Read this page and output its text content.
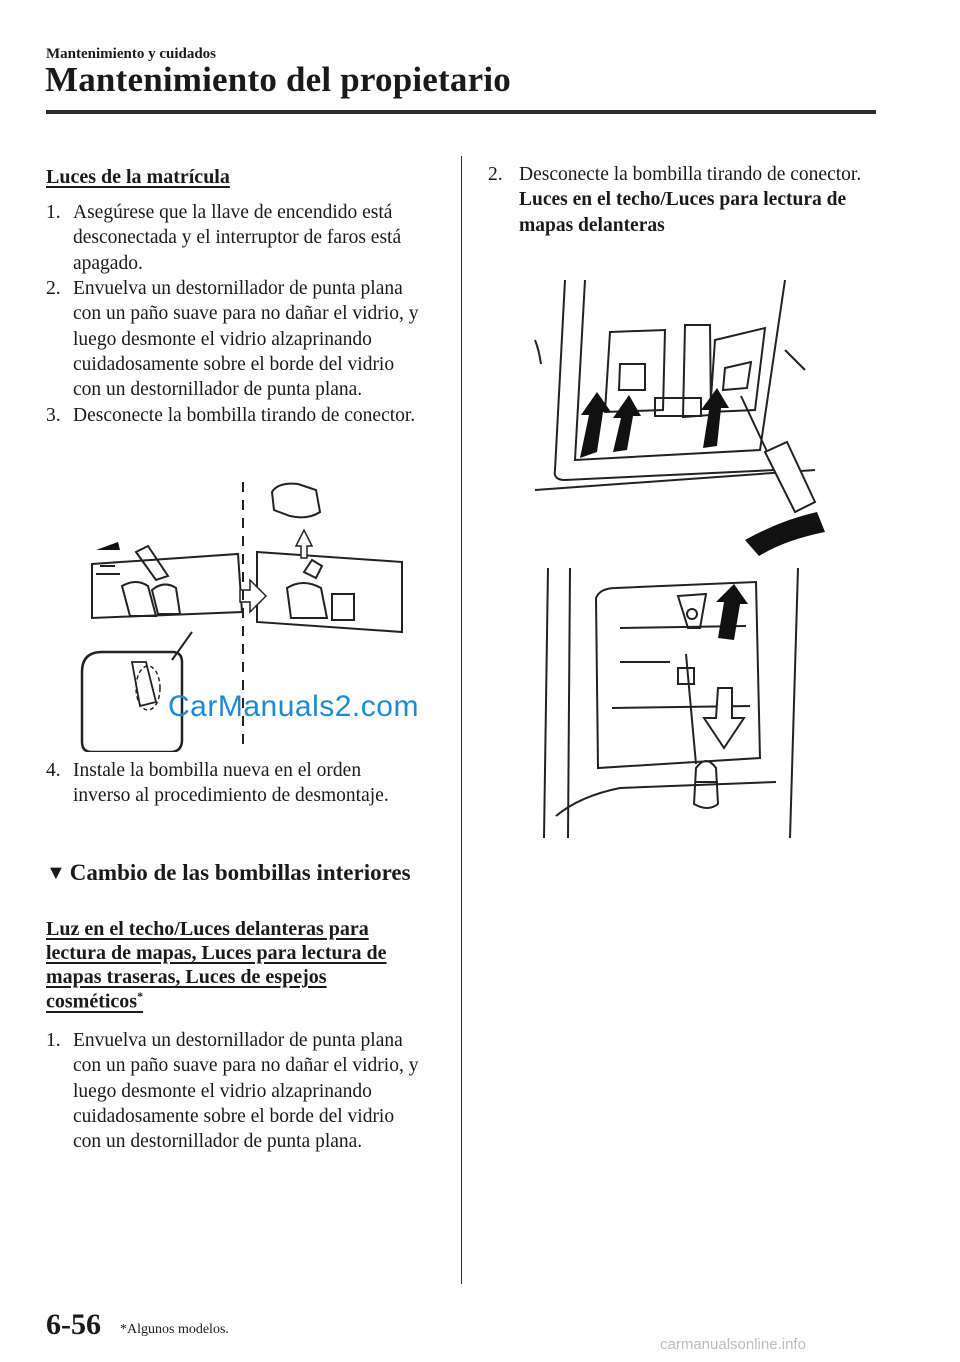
Mantenimiento y cuidados
Mantenimiento del propietario
Luces de la matrícula
1. Asegúrese que la llave de encendido está desconectada y el interruptor de faros está apagado.
2. Envuelva un destornillador de punta plana con un paño suave para no dañar el vidrio, y luego desmonte el vidrio alzaprinando cuidadosamente sobre el borde del vidrio con un destornillador de punta plana.
3. Desconecte la bombilla tirando de conector.
CarManuals2.com
4. Instale la bombilla nueva en el orden inverso al procedimiento de desmontaje.
▼ Cambio de las bombillas interiores
Luz en el techo/Luces delanteras para lectura de mapas, Luces para lectura de mapas traseras, Luces de espejos cosméticos*
1. Envuelva un destornillador de punta plana con un paño suave para no dañar el vidrio, y luego desmonte el vidrio alzaprinando cuidadosamente sobre el borde del vidrio con un destornillador de punta plana.
2. Desconecte la bombilla tirando de conector.
Luces en el techo/Luces para lectura de mapas delanteras
6-56 *Algunos modelos.
carmanualsonline.info
